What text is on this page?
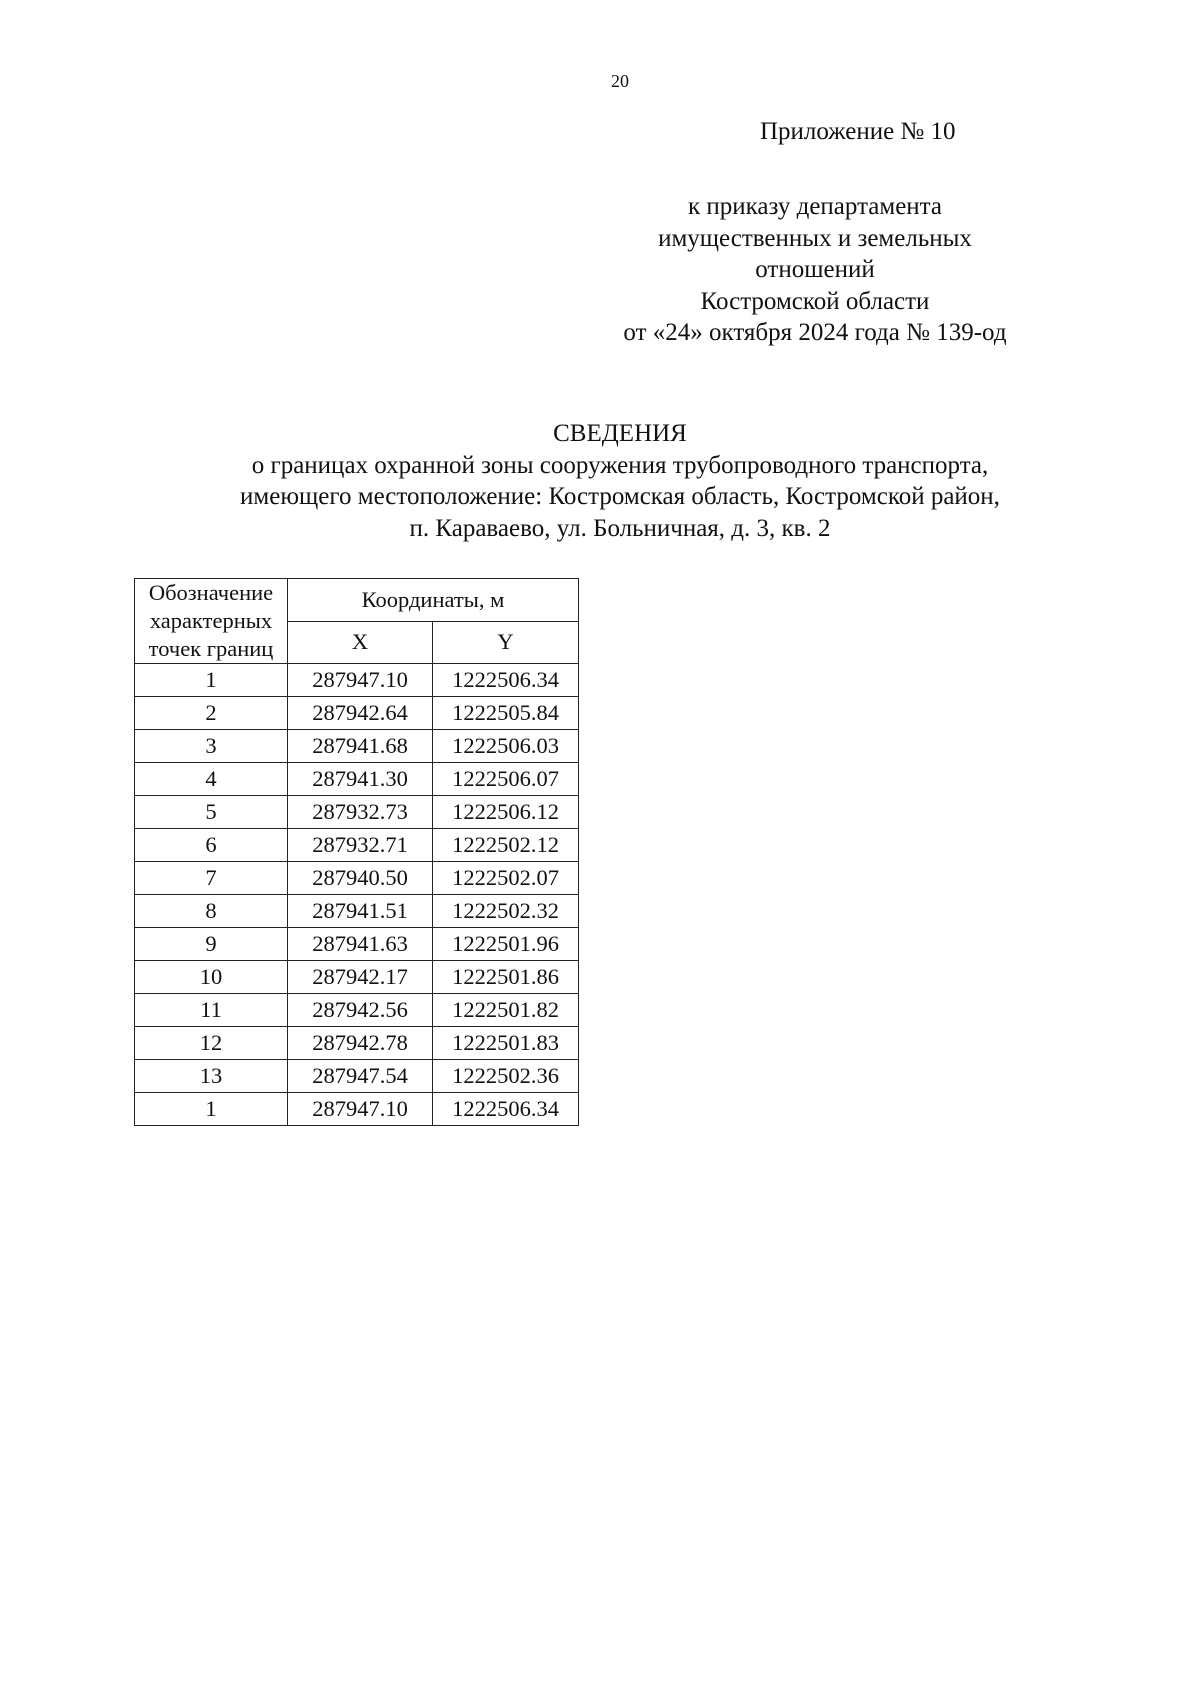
20
Приложение № 10
к приказу департамента
имущественных и земельных
отношений
Костромской области
от «24» октября 2024 года № 139-од
СВЕДЕНИЯ
о границах охранной зоны сооружения трубопроводного транспорта,
имеющего местоположение: Костромская область, Костромской район,
п. Караваево, ул. Больничная, д. 3, кв. 2
Обозначение
характерных
точек границ	Координаты, м	
	X	Y
1	287947.10	1222506.34
2	287942.64	1222505.84
3	287941.68	1222506.03
4	287941.30	1222506.07
5	287932.73	1222506.12
6	287932.71	1222502.12
7	287940.50	1222502.07
8	287941.51	1222502.32
9	287941.63	1222501.96
10	287942.17	1222501.86
11	287942.56	1222501.82
12	287942.78	1222501.83
13	287947.54	1222502.36
1	287947.10	1222506.34
